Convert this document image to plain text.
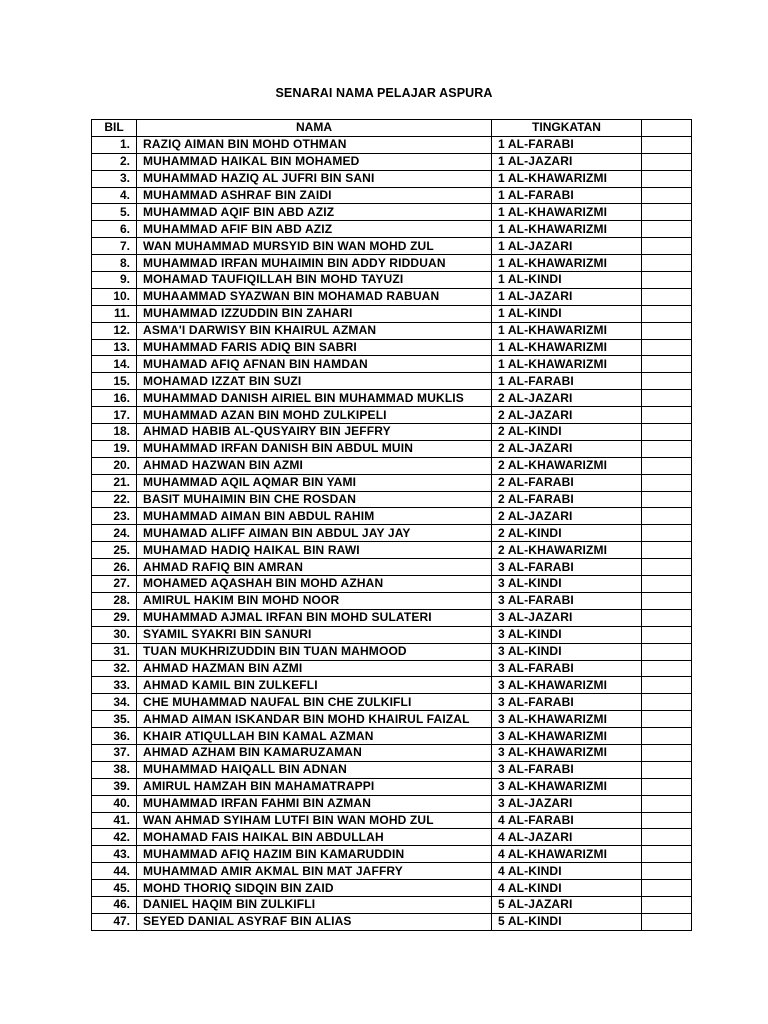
SENARAI NAMA PELAJAR ASPURA
BIL	NAMA	TINGKATAN	
1.	RAZIQ AIMAN BIN MOHD OTHMAN	1 AL-FARABI	
2.	MUHAMMAD HAIKAL BIN MOHAMED	1 AL-JAZARI	
3.	MUHAMMAD HAZIQ AL JUFRI BIN SANI	1 AL-KHAWARIZMI	
4.	MUHAMMAD ASHRAF BIN ZAIDI	1 AL-FARABI	
5.	MUHAMMAD AQIF BIN ABD AZIZ	1 AL-KHAWARIZMI	
6.	MUHAMMAD AFIF BIN ABD AZIZ	1 AL-KHAWARIZMI	
7.	WAN MUHAMMAD MURSYID BIN WAN MOHD ZUL	1 AL-JAZARI	
8.	MUHAMMAD IRFAN MUHAIMIN BIN ADDY RIDDUAN	1 AL-KHAWARIZMI	
9.	MOHAMAD TAUFIQILLAH BIN MOHD TAYUZI	1 AL-KINDI	
10.	MUHAAMMAD SYAZWAN BIN MOHAMAD RABUAN	1 AL-JAZARI	
11.	MUHAMMAD IZZUDDIN BIN ZAHARI	1 AL-KINDI	
12.	ASMA'I DARWISY BIN KHAIRUL AZMAN	1 AL-KHAWARIZMI	
13.	MUHAMMAD FARIS ADIQ BIN SABRI	1 AL-KHAWARIZMI	
14.	MUHAMAD AFIQ AFNAN BIN HAMDAN	1 AL-KHAWARIZMI	
15.	MOHAMAD IZZAT BIN SUZI	1 AL-FARABI	
16.	MUHAMMAD DANISH AIRIEL BIN MUHAMMAD MUKLIS	2 AL-JAZARI	
17.	MUHAMMAD AZAN BIN MOHD ZULKIPELI	2 AL-JAZARI	
18.	AHMAD HABIB AL-QUSYAIRY BIN JEFFRY	2 AL-KINDI	
19.	MUHAMMAD IRFAN DANISH BIN ABDUL MUIN	2 AL-JAZARI	
20.	AHMAD HAZWAN BIN AZMI	2 AL-KHAWARIZMI	
21.	MUHAMMAD AQIL AQMAR BIN YAMI	2 AL-FARABI	
22.	BASIT MUHAIMIN BIN CHE ROSDAN	2 AL-FARABI	
23.	MUHAMMAD AIMAN BIN ABDUL RAHIM	2 AL-JAZARI	
24.	MUHAMAD ALIFF AIMAN BIN ABDUL JAY JAY	2 AL-KINDI	
25.	MUHAMAD HADIQ HAIKAL BIN RAWI	2 AL-KHAWARIZMI	
26.	AHMAD RAFIQ BIN AMRAN	3 AL-FARABI	
27.	MOHAMED AQASHAH BIN MOHD AZHAN	3 AL-KINDI	
28.	AMIRUL HAKIM BIN MOHD NOOR	3 AL-FARABI	
29.	MUHAMMAD AJMAL IRFAN BIN MOHD SULATERI	3 AL-JAZARI	
30.	SYAMIL SYAKRI BIN SANURI	3 AL-KINDI	
31.	TUAN MUKHRIZUDDIN BIN TUAN MAHMOOD	3 AL-KINDI	
32.	AHMAD HAZMAN BIN AZMI	3 AL-FARABI	
33.	AHMAD KAMIL BIN ZULKEFLI	3 AL-KHAWARIZMI	
34.	CHE MUHAMMAD NAUFAL BIN CHE ZULKIFLI	3 AL-FARABI	
35.	AHMAD AIMAN ISKANDAR BIN MOHD KHAIRUL FAIZAL	3 AL-KHAWARIZMI	
36.	KHAIR ATIQULLAH BIN KAMAL AZMAN	3 AL-KHAWARIZMI	
37.	AHMAD AZHAM BIN KAMARUZAMAN	3 AL-KHAWARIZMI	
38.	MUHAMMAD HAIQALL BIN ADNAN	3 AL-FARABI	
39.	AMIRUL HAMZAH BIN MAHAMATRAPPI	3 AL-KHAWARIZMI	
40.	MUHAMMAD IRFAN FAHMI BIN AZMAN	3 AL-JAZARI	
41.	WAN AHMAD SYIHAM LUTFI BIN WAN MOHD ZUL	4 AL-FARABI	
42.	MOHAMAD FAIS HAIKAL BIN ABDULLAH	4 AL-JAZARI	
43.	MUHAMMAD AFIQ HAZIM BIN KAMARUDDIN	4 AL-KHAWARIZMI	
44.	MUHAMMAD AMIR AKMAL BIN MAT JAFFRY	4 AL-KINDI	
45.	MOHD THORIQ SIDQIN BIN ZAID	4 AL-KINDI	
46.	DANIEL HAQIM BIN ZULKIFLI	5 AL-JAZARI	
47.	SEYED DANIAL ASYRAF BIN ALIAS	5 AL-KINDI	
